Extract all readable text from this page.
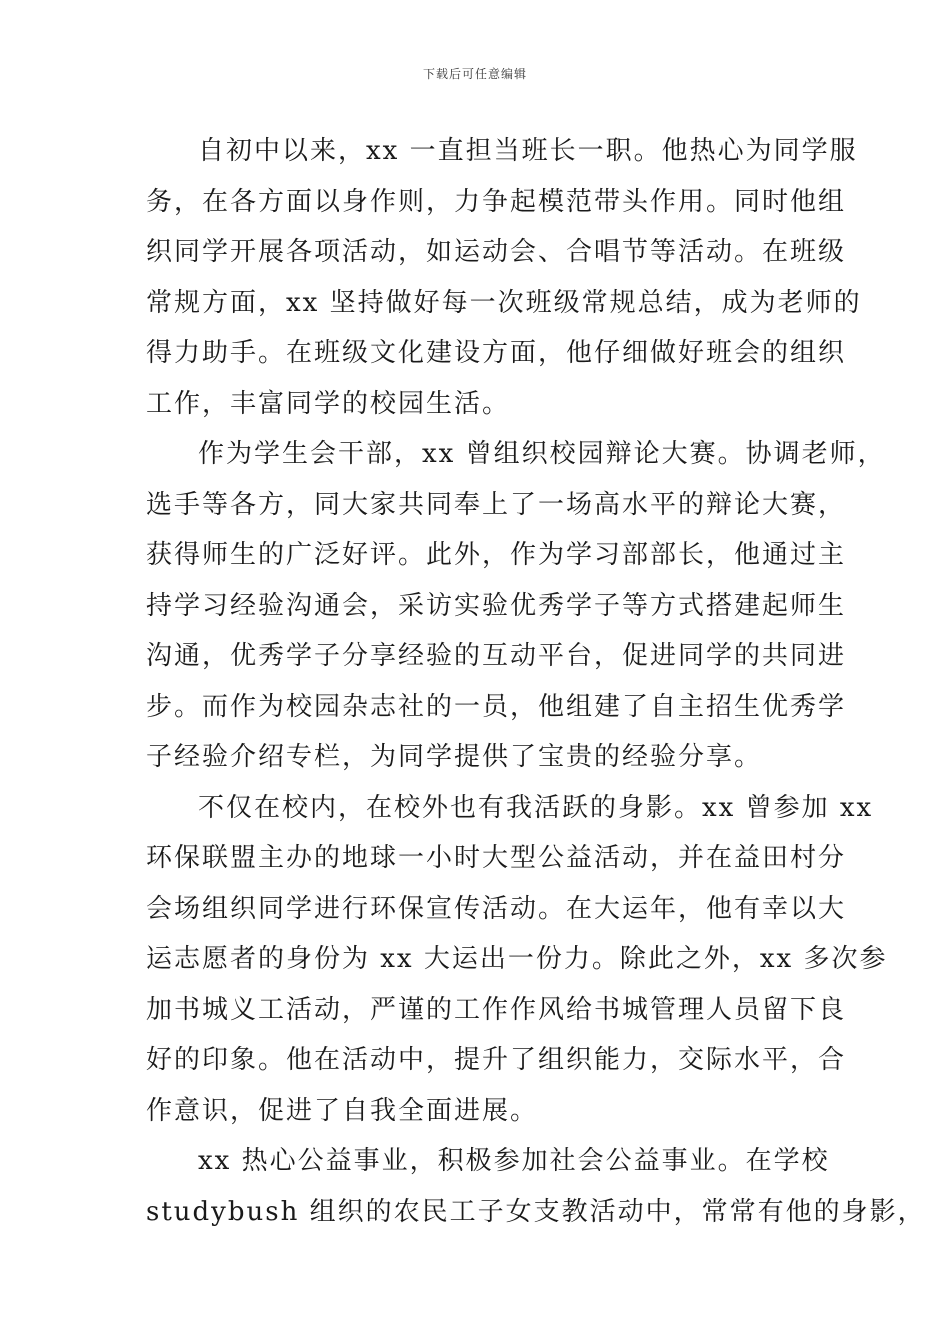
下载后可任意编辑
自初中以来，xx 一直担当班长一职。他热心为同学服
务，在各方面以身作则，力争起模范带头作用。同时他组
织同学开展各项活动，如运动会、合唱节等活动。在班级
常规方面，xx 坚持做好每一次班级常规总结，成为老师的
得力助手。在班级文化建设方面，他仔细做好班会的组织
工作，丰富同学的校园生活。
作为学生会干部，xx 曾组织校园辩论大赛。协调老师，
选手等各方，同大家共同奉上了一场高水平的辩论大赛，
获得师生的广泛好评。此外，作为学习部部长，他通过主
持学习经验沟通会，采访实验优秀学子等方式搭建起师生
沟通，优秀学子分享经验的互动平台，促进同学的共同进
步。而作为校园杂志社的一员，他组建了自主招生优秀学
子经验介绍专栏，为同学提供了宝贵的经验分享。
不仅在校内，在校外也有我活跃的身影。xx 曾参加 xx
环保联盟主办的地球一小时大型公益活动，并在益田村分
会场组织同学进行环保宣传活动。在大运年，他有幸以大
运志愿者的身份为 xx 大运出一份力。除此之外，xx 多次参
加书城义工活动，严谨的工作作风给书城管理人员留下良
好的印象。他在活动中，提升了组织能力，交际水平，合
作意识，促进了自我全面进展。
xx 热心公益事业，积极参加社会公益事业。在学校
studybush 组织的农民工子女支教活动中，常常有他的身影，
